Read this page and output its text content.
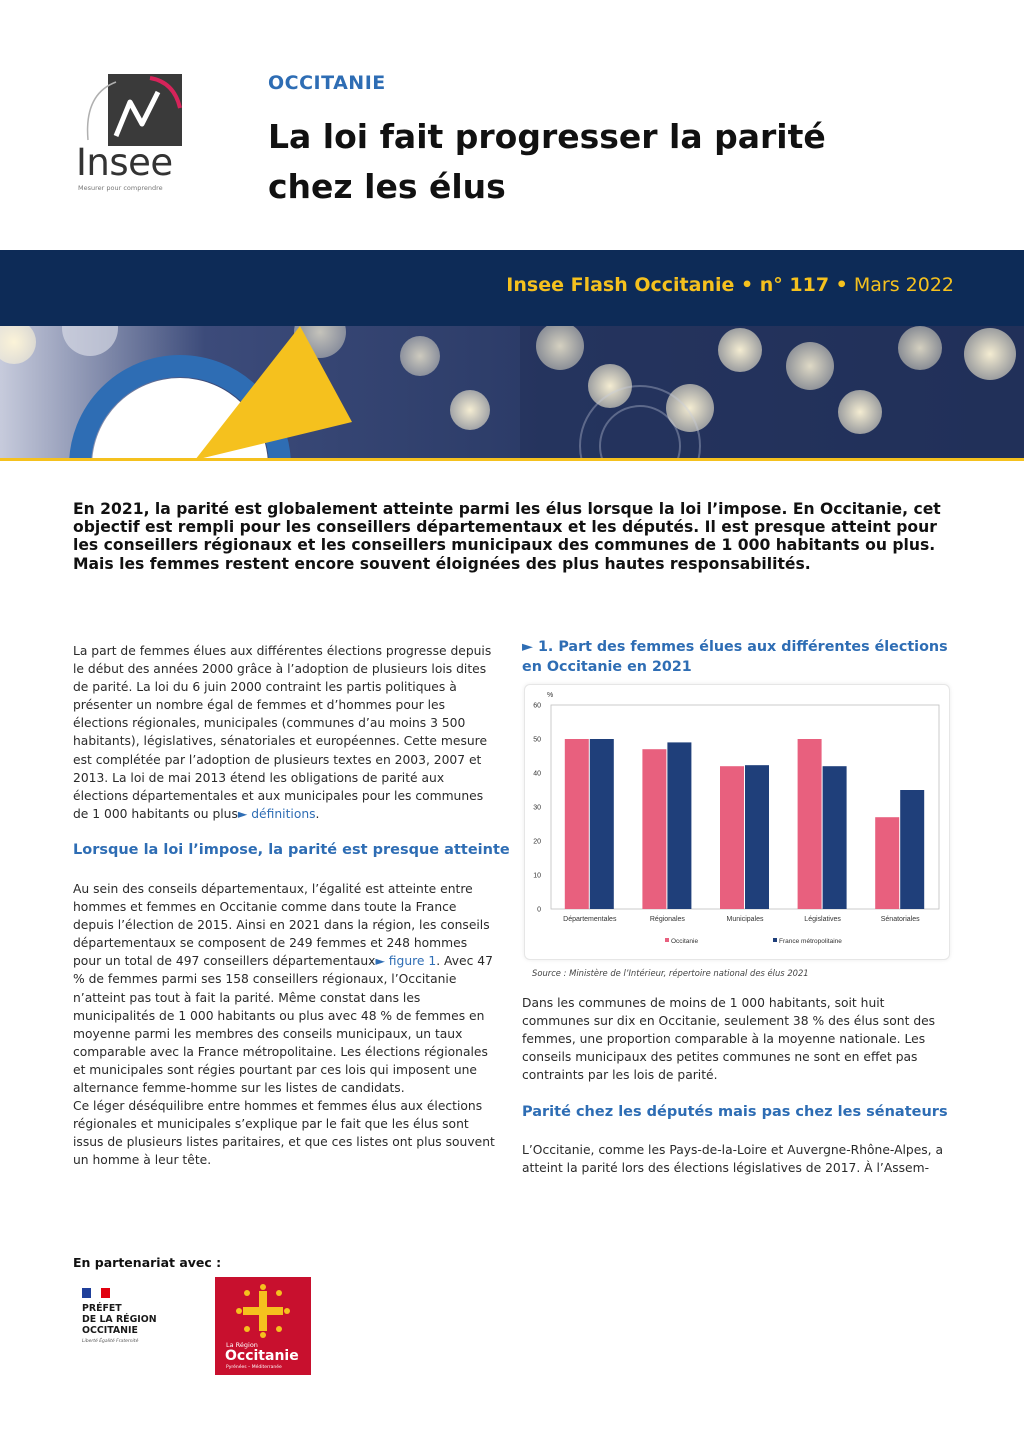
Insee
Mesurer pour comprendre
OCCITANIE
La loi fait progresser la parité
chez les élus
Insee Flash Occitanie • n° 117 • Mars 2022
En 2021, la parité est globalement atteinte parmi les élus lorsque la loi l’impose. En Occitanie, cet objectif est rempli pour les conseillers départementaux et les députés. Il est presque atteint pour les conseillers régionaux et les conseillers municipaux des communes de 1 000 habitants ou plus. Mais les femmes restent encore souvent éloignées des plus hautes responsabilités.
La part de femmes élues aux différentes élections progresse depuis le début des années 2000 grâce à l’adoption de plusieurs lois dites de parité. La loi du 6 juin 2000 contraint les partis politiques à présenter un nombre égal de femmes et d’hommes pour les élections régionales, municipales (communes d’au moins 3 500 habitants), législatives, sénatoriales et européennes. Cette mesure est complétée par l’adoption de plusieurs textes en 2003, 2007 et 2013. La loi de mai 2013 étend les obligations de parité aux élections départementales et aux municipales pour les communes de 1 000 habitants ou plus► définitions.
Lorsque la loi l’impose, la parité est presque atteinte
Au sein des conseils départementaux, l’égalité est atteinte entre hommes et femmes en Occitanie comme dans toute la France depuis l’élection de 2015. Ainsi en 2021 dans la région, les conseils départementaux se composent de 249 femmes et 248 hommes pour un total de 497 conseillers départementaux► figure 1. Avec 47 % de femmes parmi ses 158 conseillers régionaux, l’Occitanie n’atteint pas tout à fait la parité. Même constat dans les municipalités de 1 000 habitants ou plus avec 48 % de femmes en moyenne parmi les membres des conseils municipaux, un taux comparable avec la France métropolitaine. Les élections régionales et municipales sont régies pourtant par ces lois qui imposent une alternance femme-homme sur les listes de candidats.
Ce léger déséquilibre entre hommes et femmes élus aux élections régionales et municipales s’explique par le fait que les élus sont issus de plusieurs listes paritaires, et que ces listes ont plus souvent un homme à leur tête.
► 1. Part des femmes élues aux différentes élections en Occitanie en 2021
%
0
10
20
30
40
50
60
Départementales	Régionales	Municipales	Législatives	Sénatoriales
Occitanie	France métropolitaine
Source : Ministère de l’Intérieur, répertoire national des élus 2021
Dans les communes de moins de 1 000 habitants, soit huit communes sur dix en Occitanie, seulement 38 % des élus sont des femmes, une proportion comparable à la moyenne nationale. Les conseils municipaux des petites communes ne sont en effet pas contraints par les lois de parité.
Parité chez les députés mais pas chez les sénateurs
L’Occitanie, comme les Pays-de-la-Loire et Auvergne-Rhône-Alpes, a atteint la parité lors des élections législatives de 2017. À l’Assem-
En partenariat avec :
PRÉFET
DE LA RÉGION
OCCITANIE
Liberté Égalité Fraternité	La Région
Occitanie
Pyrénées – Méditerranée
